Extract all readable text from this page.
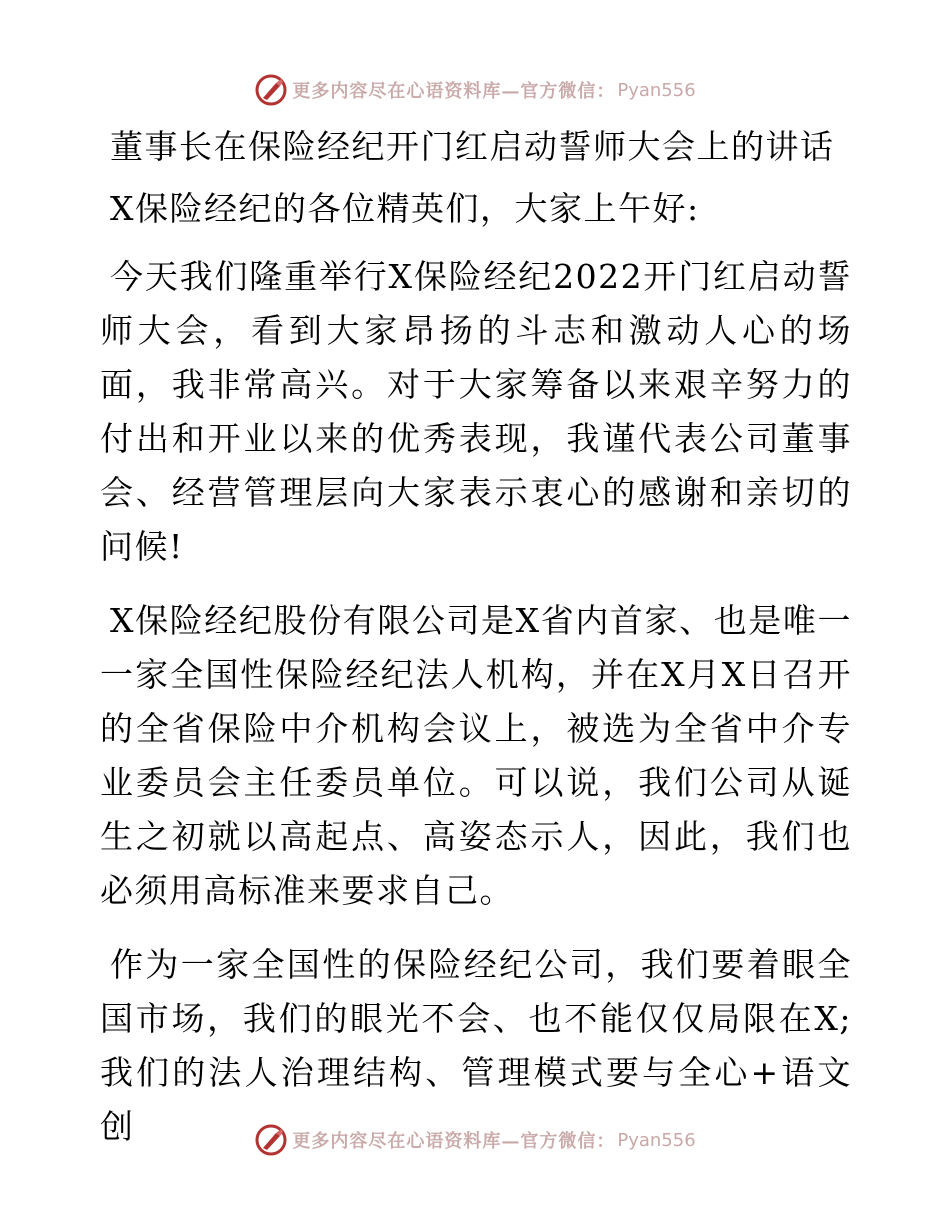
更多内容尽在心语资料库— 官方微信： Pyan556
董事长在保险经纪开门红启动誓师大会上的讲话
X保险经纪的各位精英们，大家上午好:

今天我们隆重举行X保险经纪2022开门红启动誓师大会，看到大家昂扬的斗志和激动人心的场面，我非常高兴。对于大家筹备以来艰辛努力的付出和开业以来的优秀表现，我谨代表公司董事会、经营管理层向大家表示衷心的感谢和亲切的问候!

X保险经纪股份有限公司是X省内首家、也是唯一一家全国性保险经纪法人机构，并在X月X日召开的全省保险中介机构会议上，被选为全省中介专业委员会主任委员单位。可以说，我们公司从诞生之初就以高起点、高姿态示人，因此，我们也必须用高标准来要求自己。

作为一家全国性的保险经纪公司，我们要着眼全国市场，我们的眼光不会、也不能仅仅局限在X;我们的法人治理结构、管理模式要与全心+语文创	更多内容尽在心语资料库— 官方微信： Pyan556
